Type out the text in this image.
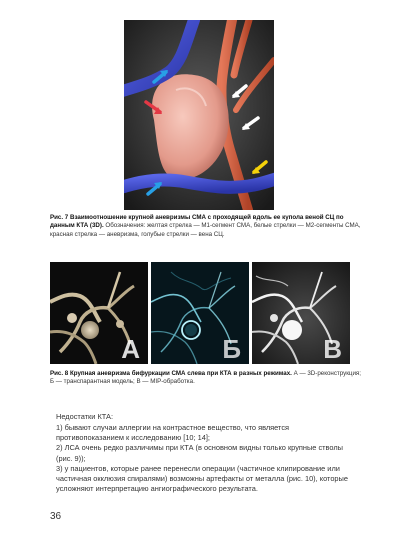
Рис. 7 Взаимоотношение крупной аневризмы СМА с проходящей вдоль ее купола веной СЦ по данным КТА (3D). Обозначения: желтая стрелка — М1-сегмент СМА, белые стрелки — М2-сегменты СМА, красная стрелка — аневризма, голубые стрелки — вена СЦ.
А	Б	В
Рис. 8 Крупная аневризма бифуркации СМА слева при КТА в разных режимах. А — 3D-реконструкция; Б — транспарантная модель; В — MIP-обработка.
Недостатки КТА:
1) бывают случаи аллергии на контрастное вещество, что является противопоказанием к исследованию [10; 14];
2) ЛСА очень редко различимы при КТА (в основном видны только крупные стволы (рис. 9));
3) у пациентов, которые ранее перенесли операции (частичное клипирование или частичная окклюзия спиралями) возможны артефакты от металла (рис. 10), которые усложняют интерпретацию ангиографического результата.
36
